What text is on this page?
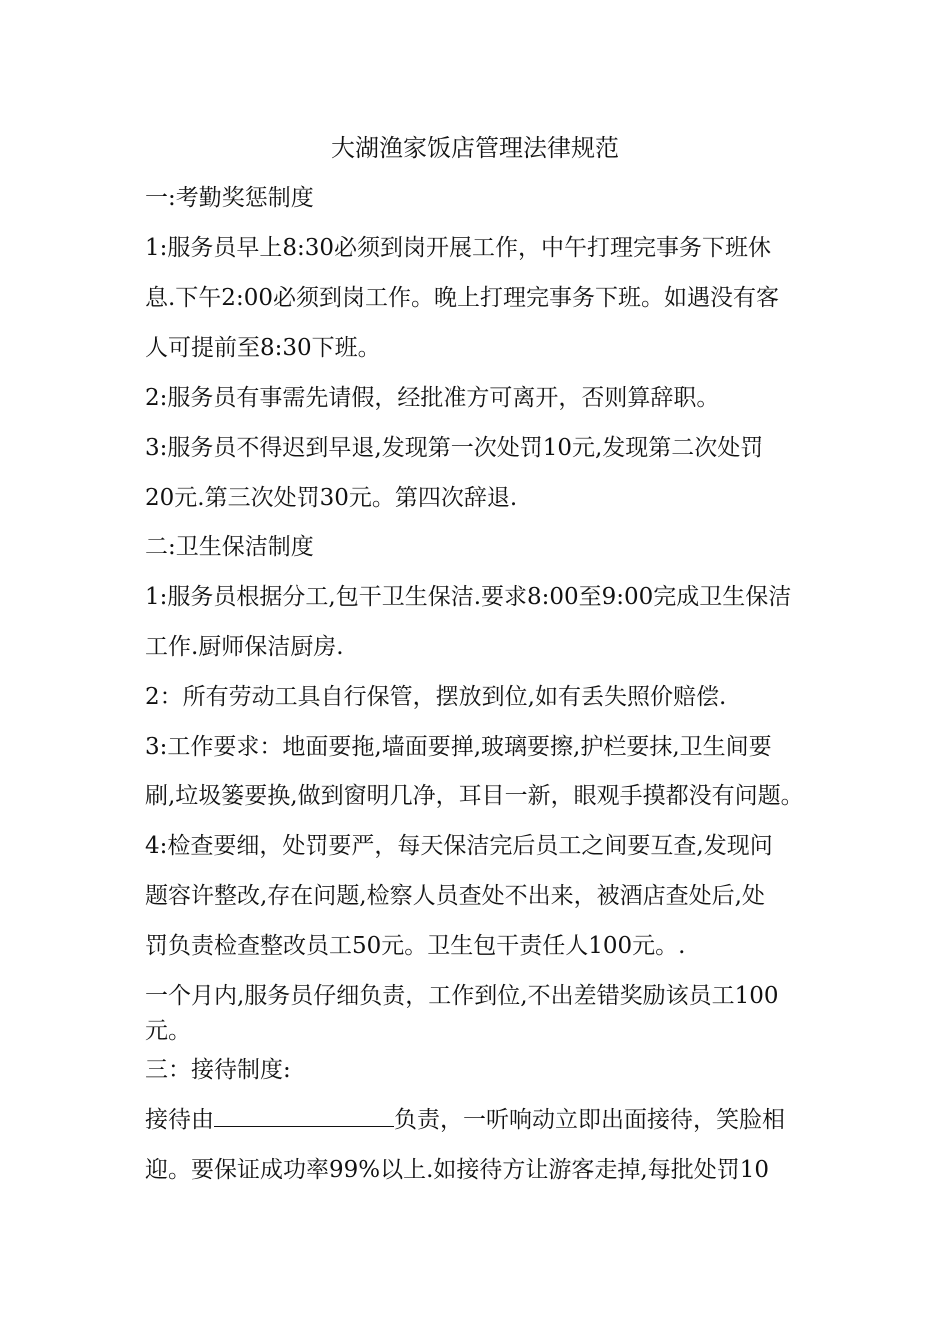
大湖渔家饭店管理法律规范
一:考勤奖惩制度
1:服务员早上8:30必须到岗开展工作，中午打理完事务下班休
息.下午2:00必须到岗工作。晚上打理完事务下班。如遇没有客
人可提前至8:30下班。
2:服务员有事需先请假，经批准方可离开，否则算辞职。
3:服务员不得迟到早退,发现第一次处罚10元,发现第二次处罚
20元.第三次处罚30元。第四次辞退.
二:卫生保洁制度
1:服务员根据分工,包干卫生保洁.要求8:00至9:00完成卫生保洁
工作.厨师保洁厨房.
2：所有劳动工具自行保管，摆放到位,如有丢失照价赔偿.
3:工作要求：地面要拖,墙面要掸,玻璃要擦,护栏要抹,卫生间要
刷,垃圾篓要换,做到窗明几净，耳目一新，眼观手摸都没有问题。
4:检查要细，处罚要严，每天保洁完后员工之间要互查,发现问
题容许整改,存在问题,检察人员查处不出来，被酒店查处后,处
罚负责检查整改员工50元。卫生包干责任人100元。.
一个月内,服务员仔细负责，工作到位,不出差错奖励该员工100
元。
三：接待制度:
接待由	负责，一听响动立即出面接待，笑脸相
迎。要保证成功率99%以上.如接待方让游客走掉,每批处罚10
